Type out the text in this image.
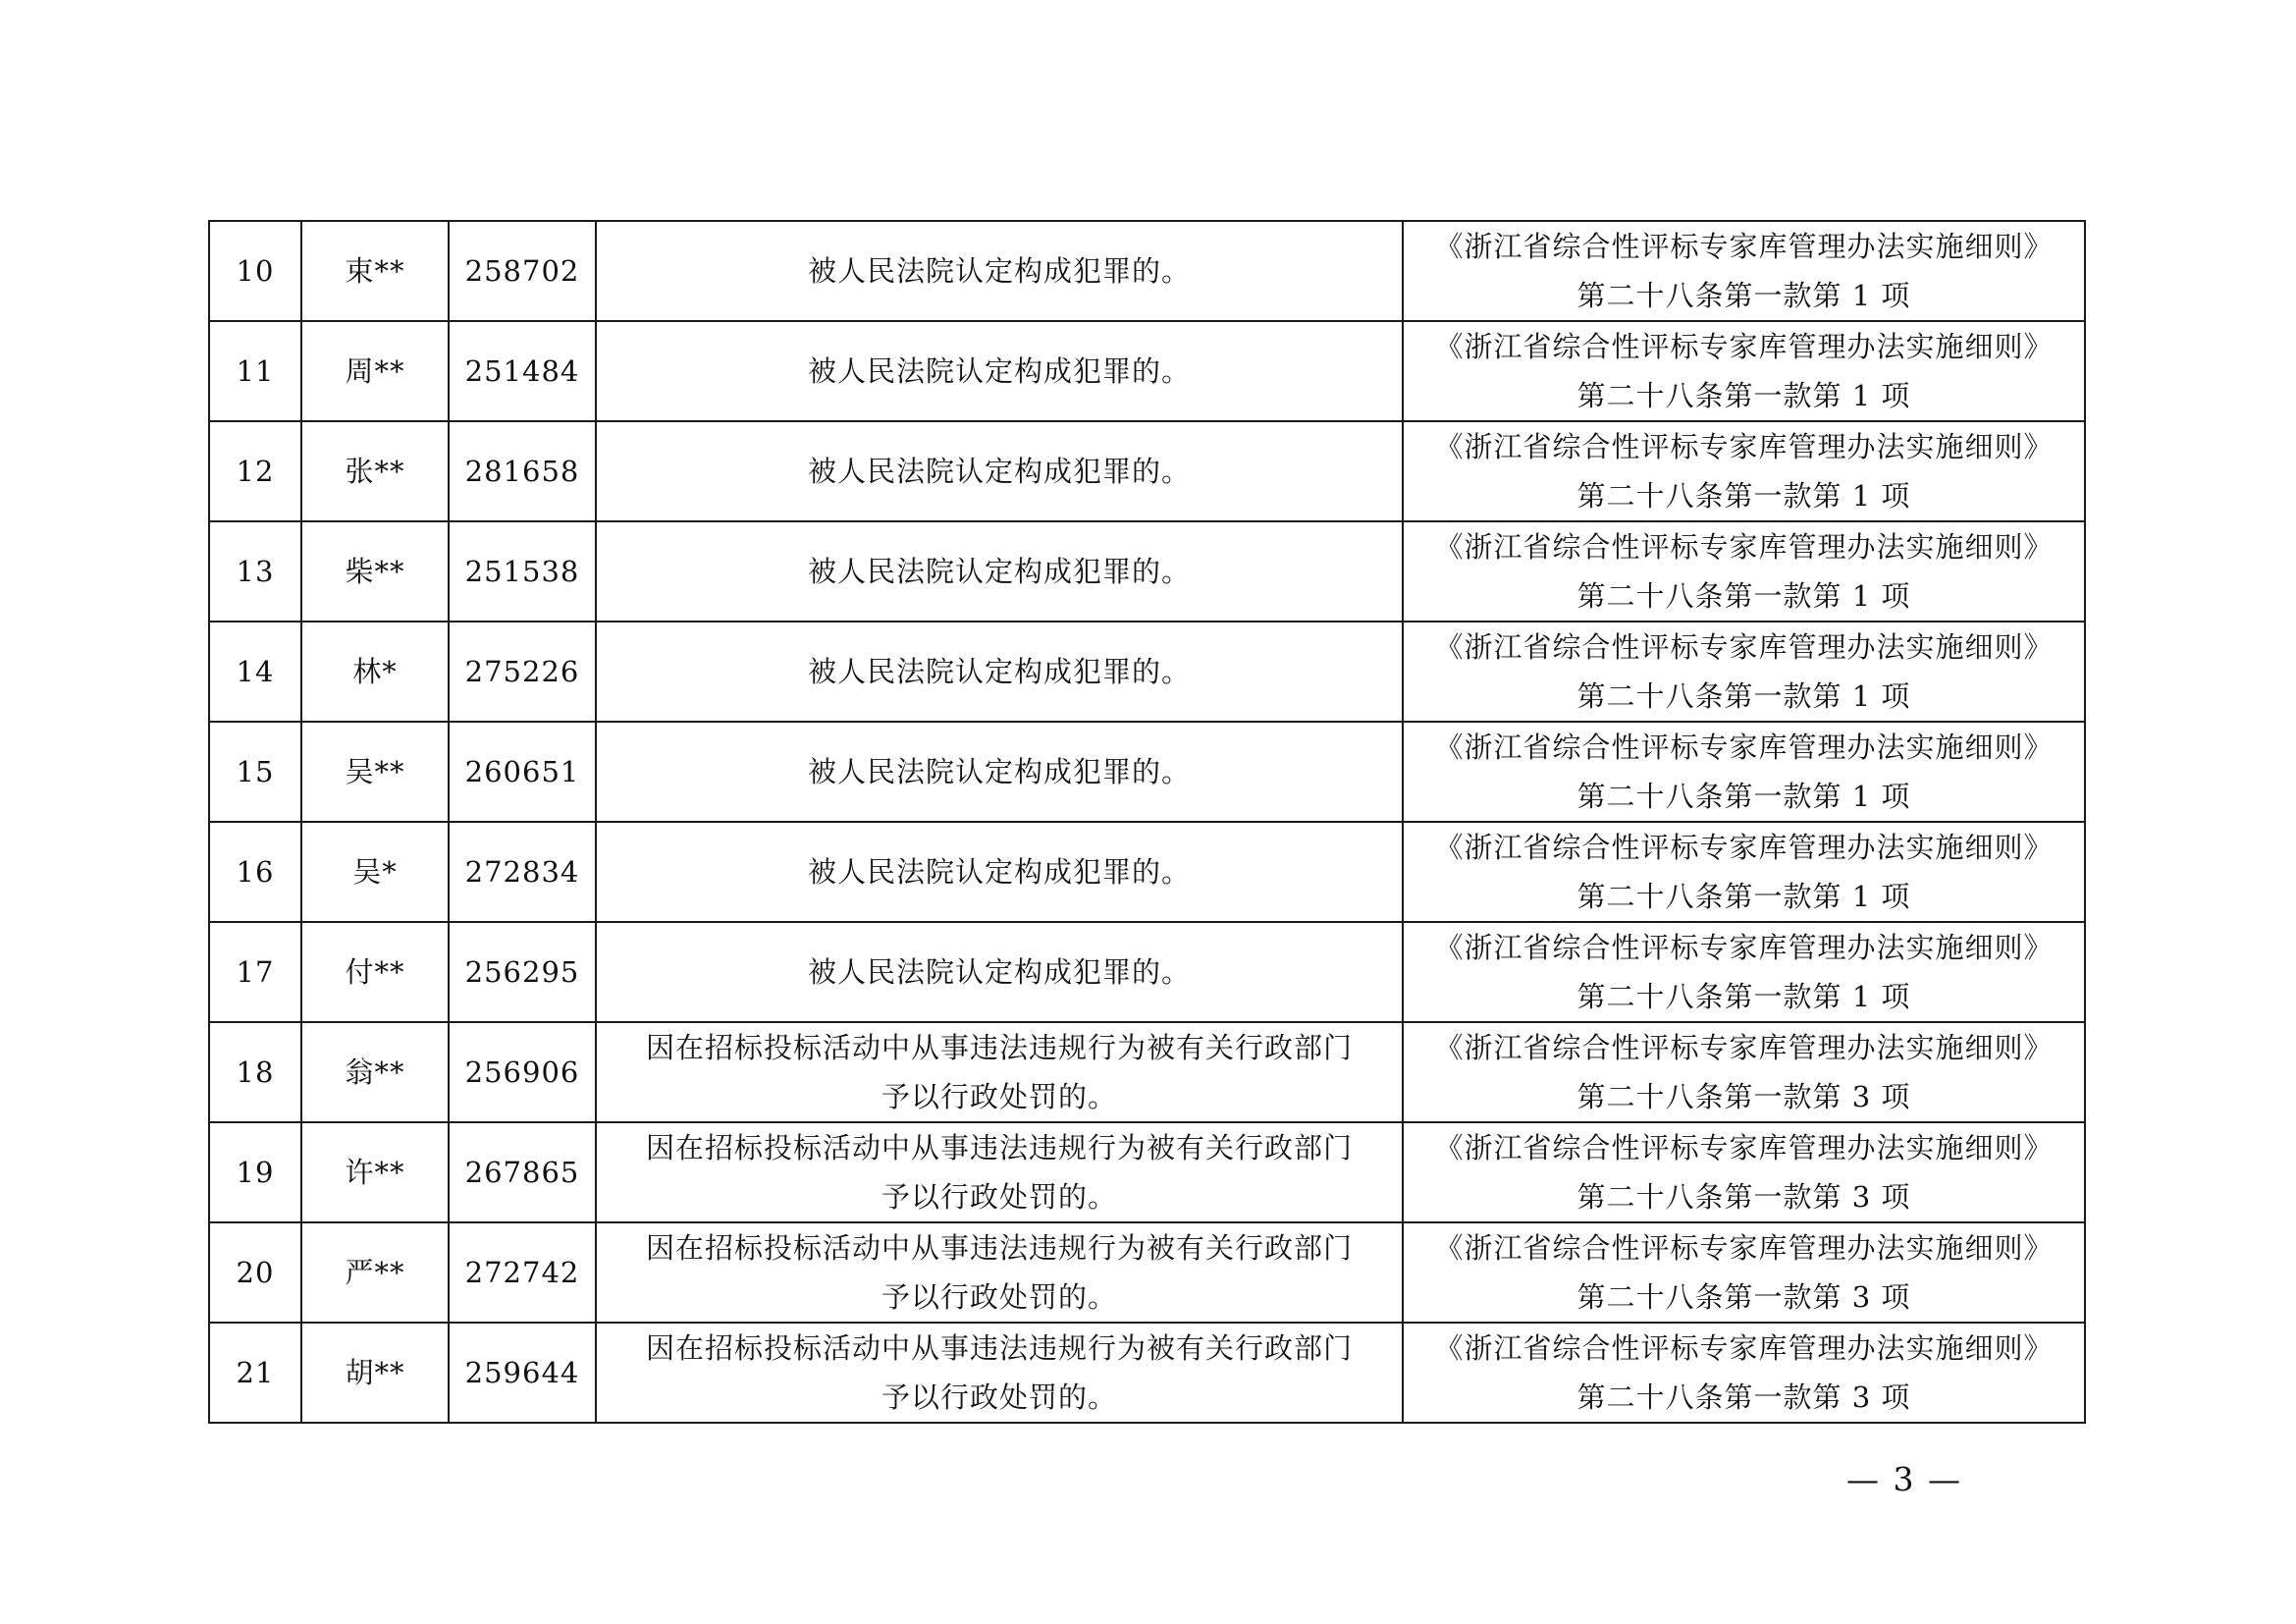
10	束**	258702	被人民法院认定构成犯罪的。	《浙江省综合性评标专家库管理办法实施细则》
第二十八条第一款第 1 项

11	周**	251484	被人民法院认定构成犯罪的。	《浙江省综合性评标专家库管理办法实施细则》
第二十八条第一款第 1 项

12	张**	281658	被人民法院认定构成犯罪的。	《浙江省综合性评标专家库管理办法实施细则》
第二十八条第一款第 1 项

13	柴**	251538	被人民法院认定构成犯罪的。	《浙江省综合性评标专家库管理办法实施细则》
第二十八条第一款第 1 项

14	林*	275226	被人民法院认定构成犯罪的。	《浙江省综合性评标专家库管理办法实施细则》
第二十八条第一款第 1 项

15	吴**	260651	被人民法院认定构成犯罪的。	《浙江省综合性评标专家库管理办法实施细则》
第二十八条第一款第 1 项

16	吴*	272834	被人民法院认定构成犯罪的。	《浙江省综合性评标专家库管理办法实施细则》
第二十八条第一款第 1 项

17	付**	256295	被人民法院认定构成犯罪的。	《浙江省综合性评标专家库管理办法实施细则》
第二十八条第一款第 1 项

18	翁**	256906	因在招标投标活动中从事违法违规行为被有关行政部门
予以行政处罚的。	《浙江省综合性评标专家库管理办法实施细则》
第二十八条第一款第 3 项

19	许**	267865	因在招标投标活动中从事违法违规行为被有关行政部门
予以行政处罚的。	《浙江省综合性评标专家库管理办法实施细则》
第二十八条第一款第 3 项

20	严**	272742	因在招标投标活动中从事违法违规行为被有关行政部门
予以行政处罚的。	《浙江省综合性评标专家库管理办法实施细则》
第二十八条第一款第 3 项

21	胡**	259644	因在招标投标活动中从事违法违规行为被有关行政部门
予以行政处罚的。	《浙江省综合性评标专家库管理办法实施细则》
第二十八条第一款第 3 项
— 3 —
